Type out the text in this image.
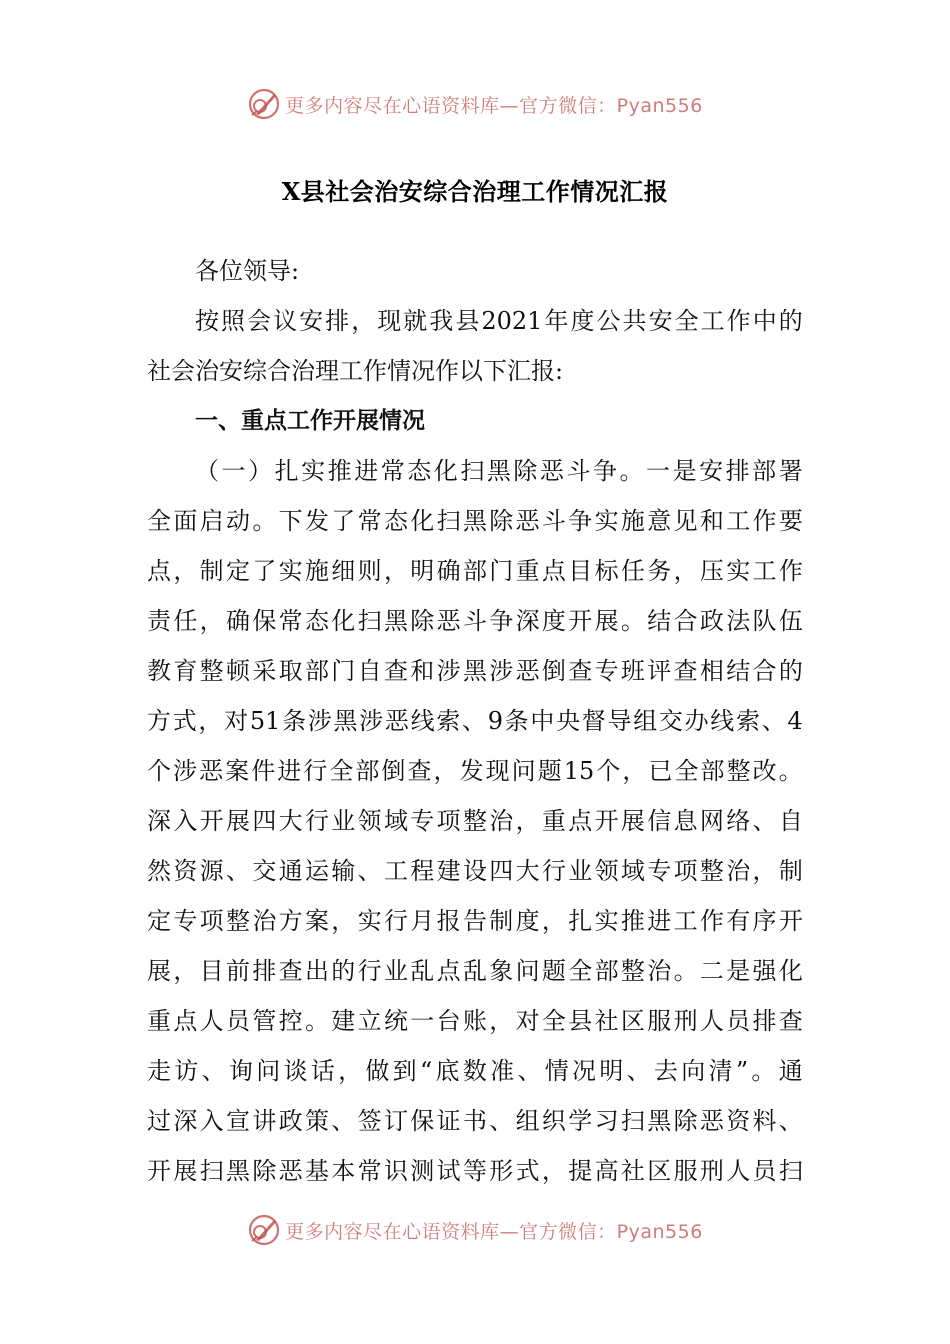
更多内容尽在心语资料库—官方微信：Pyan556
X县社会治安综合治理工作情况汇报
各位领导:
按 照 会 议 安 排 ， 现 就 我 县 2021 年 度 公 共 安 全 工 作 中 的
社会治安综合治理工作情况作以下汇报:
一、重点工作开展情况
（ 一 ） 扎 实 推 进 常 态 化 扫 黑 除 恶 斗 争 。 一 是 安 排 部 署
全 面 启 动 。 下 发 了 常 态 化 扫 黑 除 恶 斗 争 实 施 意 见 和 工 作 要
点 ， 制 定 了 实 施 细 则 ， 明 确 部 门 重 点 目 标 任 务 ， 压 实 工 作
责 任 ， 确 保 常 态 化 扫 黑 除 恶 斗 争 深 度 开 展 。 结 合 政 法 队 伍
教 育 整 顿 采 取 部 门 自 查 和 涉 黑 涉 恶 倒 查 专 班 评 查 相 结 合 的
方 式 ， 对 51 条 涉 黑 涉 恶 线 索 、 9 条 中 央 督 导 组 交 办 线 索 、 4
个 涉 恶 案 件 进 行 全 部 倒 查 ， 发 现 问 题 15 个 ， 已 全 部 整 改 。
深 入 开 展 四 大 行 业 领 域 专 项 整 治 ， 重 点 开 展 信 息 网 络 、 自
然 资 源 、 交 通 运 输 、 工 程 建 设 四 大 行 业 领 域 专 项 整 治 ， 制
定 专 项 整 治 方 案 ， 实 行 月 报 告 制 度 ， 扎 实 推 进 工 作 有 序 开
展 ， 目 前 排 查 出 的 行 业 乱 点 乱 象 问 题 全 部 整 治 。 二 是 强 化
重 点 人 员 管 控 。 建 立 统 一 台 账 ， 对 全 县 社 区 服 刑 人 员 排 查
走 访 、 询 问 谈 话 ， 做 到 “ 底 数 准 、 情 况 明 、 去 向 清 ” 。 通
过 深 入 宣 讲 政 策 、 签 订 保 证 书 、 组 织 学 习 扫 黑 除 恶 资 料 、
开 展 扫 黑 除 恶 基 本 常 识 测 试 等 形 式 ， 提 高 社 区 服 刑 人 员 扫
更多内容尽在心语资料库—官方微信：Pyan556
